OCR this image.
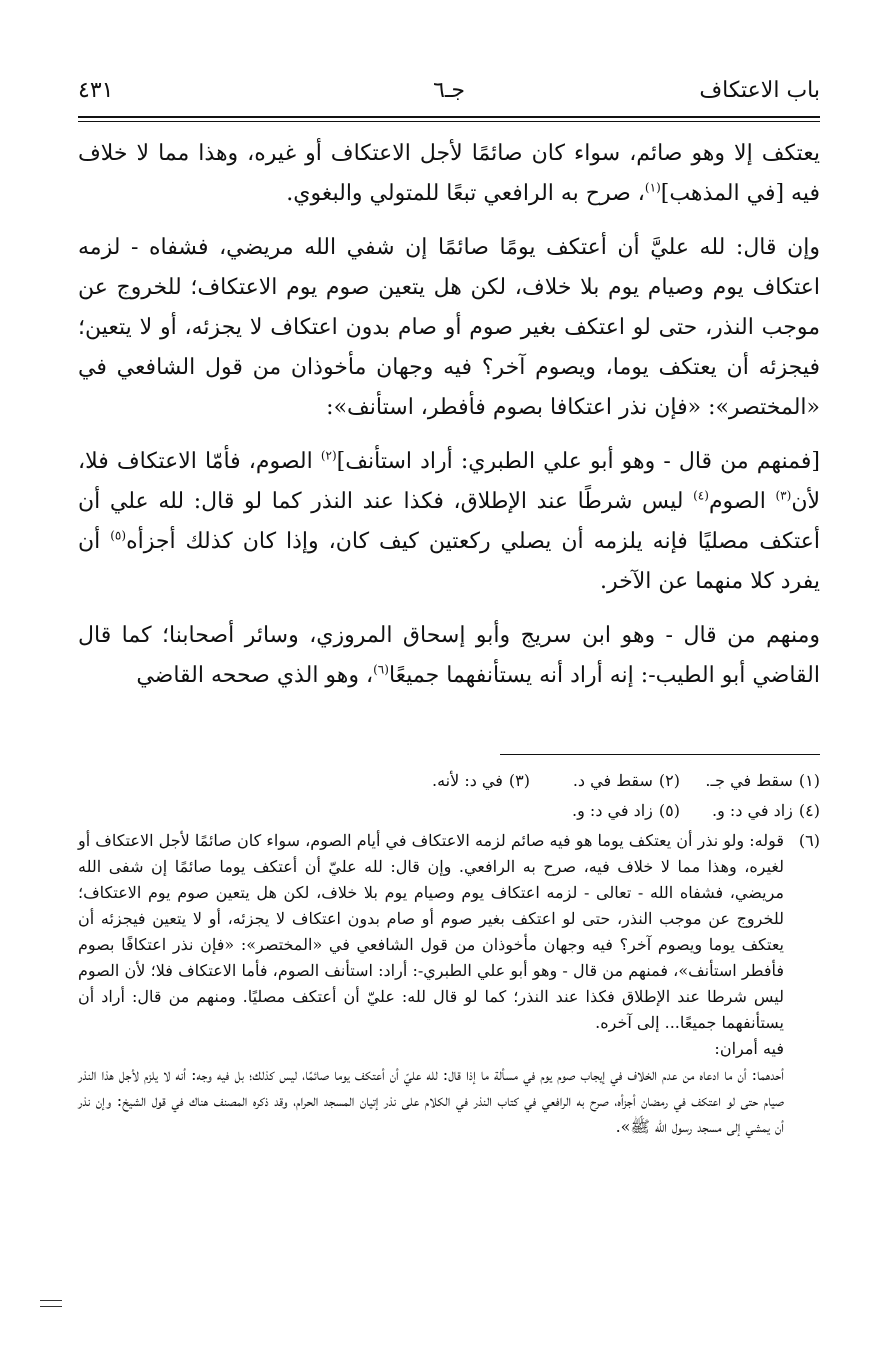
باب الاعتكاف
جـ٦
٤٣١

يعتكف إلا وهو صائم، سواء كان صائمًا لأجل الاعتكاف أو غيره، وهذا مما لا خلاف فيه [في المذهب]$^{(١)}$، صرح به الرافعي تبعًا للمتولي والبغوي.

وإن قال: لله عليَّ أن أعتكف يومًا صائمًا إن شفي الله مريضي، فشفاه - لزمه اعتكاف يوم وصيام يوم بلا خلاف، لكن هل يتعين صوم يوم الاعتكاف؛ للخروج عن موجب النذر، حتى لو اعتكف بغير صوم أو صام بدون اعتكاف لا يجزئه، أو لا يتعين؛ فيجزئه أن يعتكف يوما، ويصوم آخر؟ فيه وجهان مأخوذان من قول الشافعي في «المختصر»: «فإن نذر اعتكافا بصوم فأفطر، استأنف»:

[فمنهم من قال - وهو أبو علي الطبري: أراد استأنف]$^{(٢)}$ الصوم، فأمّا الاعتكاف فلا، لأن$^{(٣)}$ الصوم$^{(٤)}$ ليس شرطًا عند الإطلاق، فكذا عند النذر كما لو قال: لله علي أن أعتكف مصليًا فإنه يلزمه أن يصلي ركعتين كيف كان، وإذا كان كذلك أجزأه$^{(٥)}$ أن يفرد كلا منهما عن الآخر.

ومنهم من قال - وهو ابن سريج وأبو إسحاق المروزي، وسائر أصحابنا؛ كما قال القاضي أبو الطيب-: إنه أراد أنه يستأنفهما جميعًا$^{(٦)}$، وهو الذي صححه القاضي

(١)
سقط في جـ.
(٢)
سقط في د.
(٣)
في د: لأنه.
(٤)
زاد في د: و.
(٥)
زاد في د: و.
(٦)

قوله: ولو نذر أن يعتكف يوما هو فيه صائم لزمه الاعتكاف في أيام الصوم، سواء كان صائمًا لأجل الاعتكاف أو لغيره، وهذا مما لا خلاف فيه، صرح به الرافعي. وإن قال: لله عليّ أن أعتكف يوما صائمًا إن شفى الله مريضي، فشفاه الله - تعالى - لزمه اعتكاف يوم وصيام يوم بلا خلاف، لكن هل يتعين صوم يوم الاعتكاف؛ للخروج عن موجب النذر، حتى لو اعتكف بغير صوم أو صام بدون اعتكاف لا يجزئه، أو لا يتعين فيجزئه أن يعتكف يوما ويصوم آخر؟ فيه وجهان مأخوذان من قول الشافعي في «المختصر»: «فإن نذر اعتكافًا بصوم فأفطر استأنف»، فمنهم من قال - وهو أبو علي الطبري-: أراد: استأنف الصوم، فأما الاعتكاف فلا؛ لأن الصوم ليس شرطا عند الإطلاق فكذا عند النذر؛ كما لو قال لله: عليّ أن أعتكف مصليًا. ومنهم من قال: أراد أن يستأنفهما جميعًا... إلى آخره.

فيه أمران:

أحدهما: أن ما ادعاه من عدم الخلاف في إيجاب صوم يوم في مسألة ما إذا قال: لله عليّ أن أعتكف يوما صائمًا، ليس كذلك؛ بل فيه وجه: أنه لا يلزم لأجل هذا النذر صيام حتى لو اعتكف في رمضان أجزأه، صرح به الرافعي في كتاب النذر في الكلام على نذر إتيان المسجد الحرام، وقد ذكره المصنف هناك في قول الشيخ: وإن نذر أن يمشي إلى مسجد رسول الله ﷺ».
